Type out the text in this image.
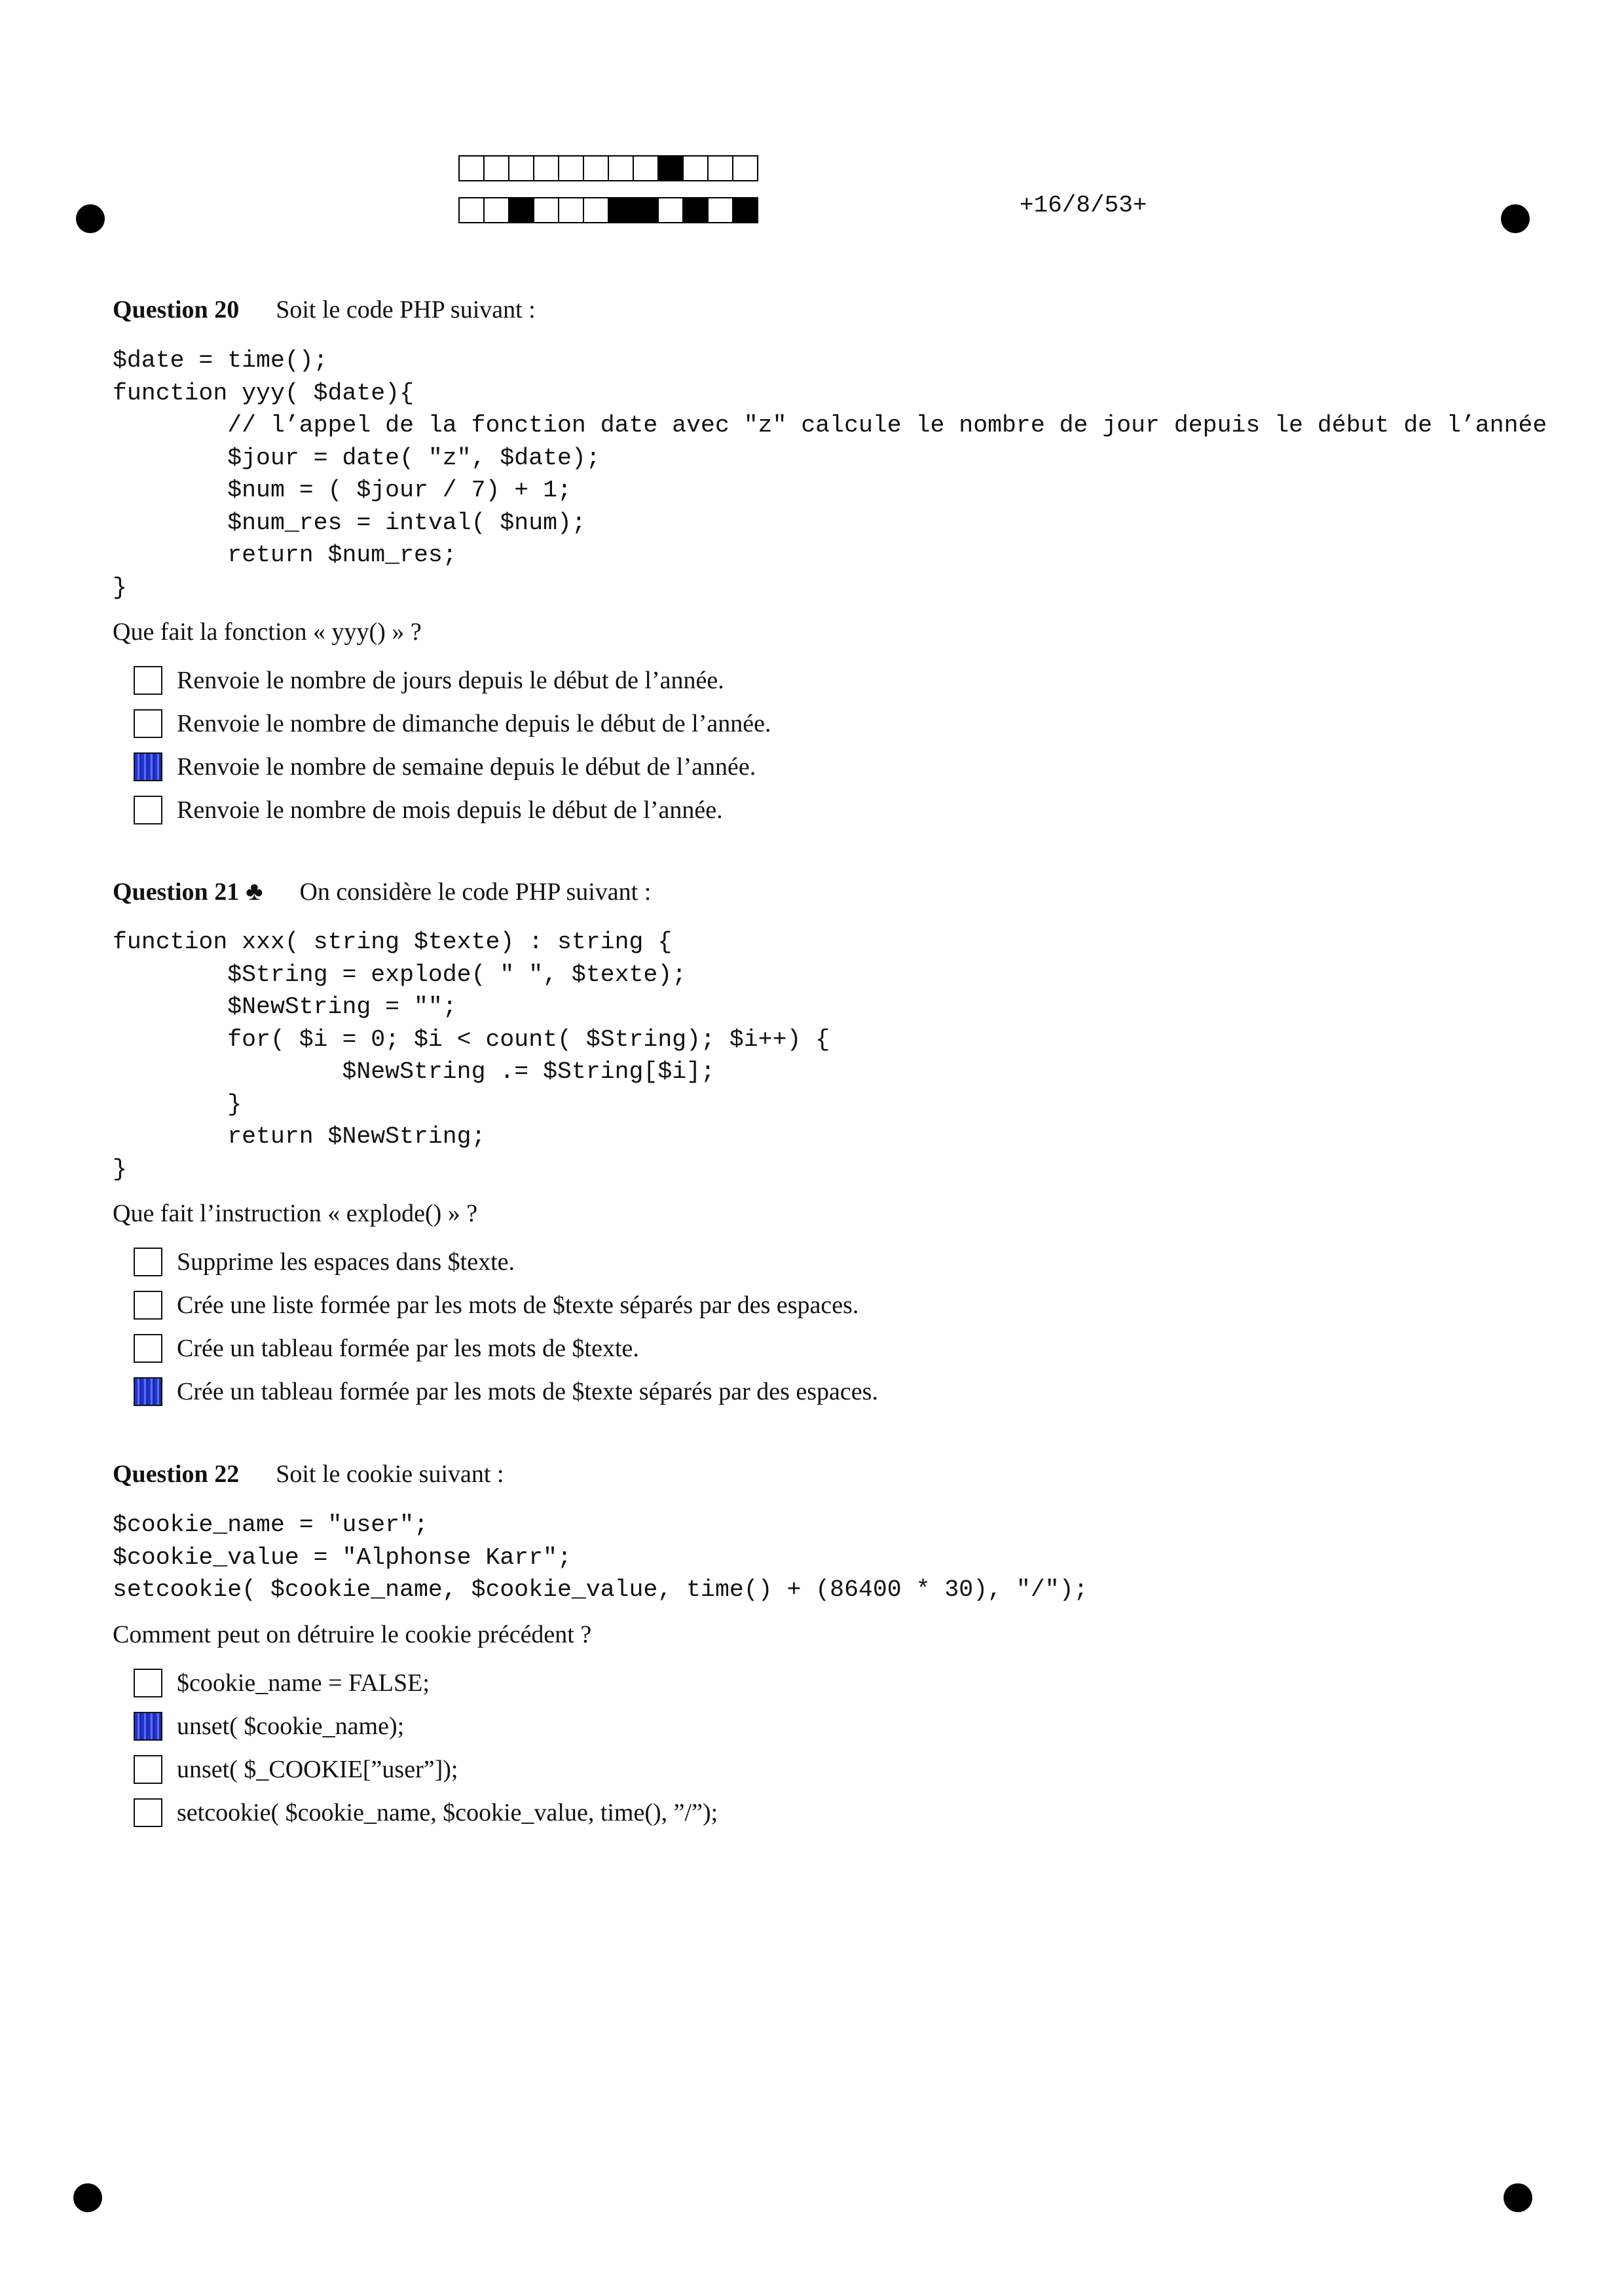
+16/8/53+
Question 20 Soit le code PHP suivant :
$date = time();
function yyy( $date){
// l’appel de la fonction date avec "z" calcule le nombre de jour depuis le début de l’année
$jour = date( "z", $date);
$num = ( $jour / 7) + 1;
$num_res = intval( $num);
return $num_res;
}
Que fait la fonction « yyy() » ?
Renvoie le nombre de jours depuis le début de l’année.
Renvoie le nombre de dimanche depuis le début de l’année.
Renvoie le nombre de semaine depuis le début de l’année.
Renvoie le nombre de mois depuis le début de l’année.
Question 21 ♣ On considère le code PHP suivant :
function xxx( string $texte) : string {
$String = explode( " ", $texte);
$NewString = "";
for( $i = 0; $i < count( $String); $i++) {
$NewString .= $String[$i];
}
return $NewString;
}
Que fait l’instruction « explode() » ?
Supprime les espaces dans $texte.
Crée une liste formée par les mots de $texte séparés par des espaces.
Crée un tableau formée par les mots de $texte.
Crée un tableau formée par les mots de $texte séparés par des espaces.
Question 22 Soit le cookie suivant :
$cookie_name = "user";
$cookie_value = "Alphonse Karr";
setcookie( $cookie_name, $cookie_value, time() + (86400 * 30), "/");
Comment peut on détruire le cookie précédent ?
$cookie_name = FALSE;
unset( $cookie_name);
unset( $_COOKIE[”user”]);
setcookie( $cookie_name, $cookie_value, time(), ”/”);
